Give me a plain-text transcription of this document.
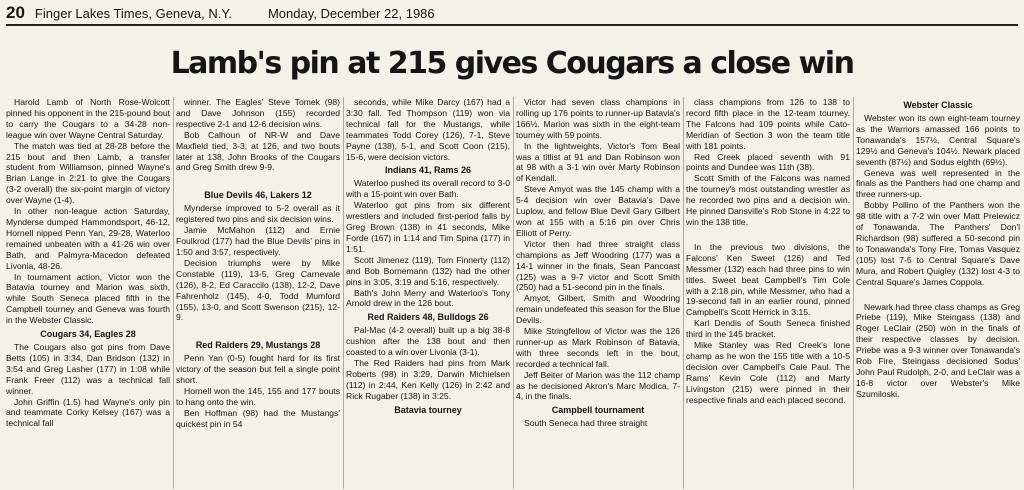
20 Finger Lakes Times, Geneva, N.Y.	Monday, December 22, 1986
Lamb's pin at 215 gives Cougars a close win

Harold Lamb of North Rose-Wolcott pinned his opponent in the 215-pound bout to carry the Cougars to a 34-28 non-league win over Wayne Central Saturday.

The match was tied at 28-28 before the 215 bout and then Lamb, a transfer student from Williamson, pinned Wayne's Brian Lange in 2:21 to give the Cougars (3-2 overall) the six-point margin of victory over Wayne (1-4).

In other non-league action Saturday, Mynderse dumped Hammondsport, 46-12, Hornell nipped Penn Yan, 29-28, Waterloo remained unbeaten with a 41-26 win over Bath, and Palmyra-Macedon defeated Livonia, 48-26.

In tournament action, Victor won the Batavia tourney and Marion was sixth, while South Seneca placed fifth in the Campbell tourney and Geneva was fourth in the Webster Classic.

Cougars 34, Eagles 28

The Cougars also got pins from Dave Betts (105) in 3:34, Dan Bridson (132) in 3:54 and Greg Lasher (177) in 1:08 while Frank Freer (112) was a technical fall winner.

John Griffin (1.5) had Wayne's only pin and teammate Corky Kelsey (167) was a technical fall

winner. The Eagles' Steve Tomek (98) and Dave Johnson (155) recorded respective 2-1 and 12-6 decision wins.

Bob Calhoun of NR-W and Dave Maxfield tied, 3-3, at 126, and two bouts later at 138, John Brooks of the Cougars and Greg Smith drew 9-9.

Blue Devils 46, Lakers 12

Mynderse improved to 5-2 overall as it registered two pins and six decision wins.

Jamie McMahon (112) and Ernie Foulkrod (177) had the Blue Devils' pins in 1:50 and 3:57, respectively.

Decision triumphs were by Mike Constable (119), 13-5, Greg Carnevale (126), 8-2, Ed Caraccilo (138), 12-2, Dave Fahrenholz (145), 4-0, Todd Mumford (155), 13-0, and Scott Swenson (215), 12-9.

Red Raiders 29, Mustangs 28

Penn Yan (0-5) fought hard for its first victory of the season but fell a single point short.

Hornell won the 145, 155 and 177 bouts to hang onto the win.

Ben Hoffman (98) had the Mustangs' quickest pin in 54

seconds, while Mike Darcy (167) had a 3:30 fall. Ted Thompson (119) won via technical fall for the Mustangs, while teammates Todd Corey (126), 7-1, Steve Payne (138), 5-1, and Scott Coon (215), 15-6, were decision victors.

Indians 41, Rams 26

Waterloo pushed its overall record to 3-0 with a 15-point win over Bath.

Waterloo got pins from six different wrestlers and included first-period falls by Greg Brown (138) in 41 seconds, Mike Forde (167) in 1:14 and Tim Spina (177) in 1:51.

Scott Jimenez (119), Tom Finnerty (112) and Bob Bornemann (132) had the other pins in 3:05, 3:19 and 5:16, respectively.

Bath's John Merry and Waterloo's Tony Arnold drew in the 126 bout.

Red Raiders 48, Bulldogs 26

Pal-Mac (4-2 overall) built up a big 38-8 cushion after the 138 bout and then coasted to a win over Livonia (3-1).

The Red Raiders had pins from Mark Roberts (98) in 3:29, Darwin Michielsen (112) in 2:44, Ken Kelly (126) in 2:42 and Rick Rugaber (138) in 3:25.

Batavia tourney

Victor had seven class champions in rolling up 176 points to runner-up Batavia's 166½. Marion was sixth in the eight-team tourney with 59 points.

In the lightweights, Victor's Tom Beal was a titlist at 91 and Dan Robinson won at 98 with a 3-1 win over Marty Robinson of Kendall.

Steve Amyot was the 145 champ with a 5-4 decision win over Batavia's Dave Luplow, and fellow Blue Devil Gary Gilbert won at 155 with a 5:16 pin over Chris Elliott of Perry.

Victor then had three straight class champions as Jeff Woodring (177) was a 14-1 winner in the finals, Sean Pancoast (125) was a 9-7 victor and Scott Smith (250) had a 51-second pin in the finals.

Amyot, Gilbert, Smith and Woodring remain undefeated this season for the Blue Devils.

Mike Stringfellow of Victor was the 126 runner-up as Mark Robinson of Batavia, with three seconds left in the bout, recorded a technical fall.

Jeff Beiter of Marion was the 112 champ as he decisioned Akron's Marc Modica, 7-4, in the finals.

Campbell tournament

South Seneca had three straight

class champions from 126 to 138 to record fifth place in the 12-team tourney. The Falcons had 109 points while Cato-Meridian of Section 3 won the team title with 181 points.

Red Creek placed seventh with 91 points and Dundee was 11th (38).

Scott Smith of the Falcons was named the tourney's most outstanding wrestler as he recorded two pins and a decision win. He pinned Dansville's Rob Stone in 4:22 to win the 138 title.

In the previous two divisions, the Falcons' Ken Sweet (126) and Ted Messmer (132) each had three pins to win titles. Sweet beat Campbell's Tim Cole with a 2:18 pin, while Messmer, who had a 19-second fall in an earlier round, pinned Campbell's Scott Herrick in 3:15.

Karl Dendis of South Seneca finished third in the 145 bracket.

Mike Stanley was Red Creek's lone champ as he won the 155 title with a 10-5 decision over Campbell's Cale Paul. The Rams' Kevin Cole (112) and Marty Livingston (215) were pinned in their respective finals and each placed second.

Webster Classic

Webster won its own eight-team tourney as the Warriors amassed 166 points to Tonawanda's 157½, Central Square's 129½ and Geneva's 104½. Newark placed seventh (87½) and Sodus eighth (69½).

Geneva was well represented in the finals as the Panthers had one champ and three runners-up.

Bobby Pollino of the Panthers won the 98 title with a 7-2 win over Matt Prelewicz of Tonawanda. The Panthers' Don'l Richardson (98) suffered a 50-second pin to Tonawanda's Tony Fire, Tomas Vasquez (105) lost 7-5 to Central Square's Dave Mura, and Robert Quigley (132) lost 4-3 to Central Square's James Coppola.

Newark had three class champs as Greg Priebe (119), Mike Steingass (138) and Roger LeClair (250) won in the finals of their respective classes by decision. Priebe was a 9-3 winner over Tonawanda's Rob Fire, Steingass decisioned Sodus' John Paul Rudolph, 2-0, and LeClair was a 16-8 victor over Webster's Mike Szumiloski.
